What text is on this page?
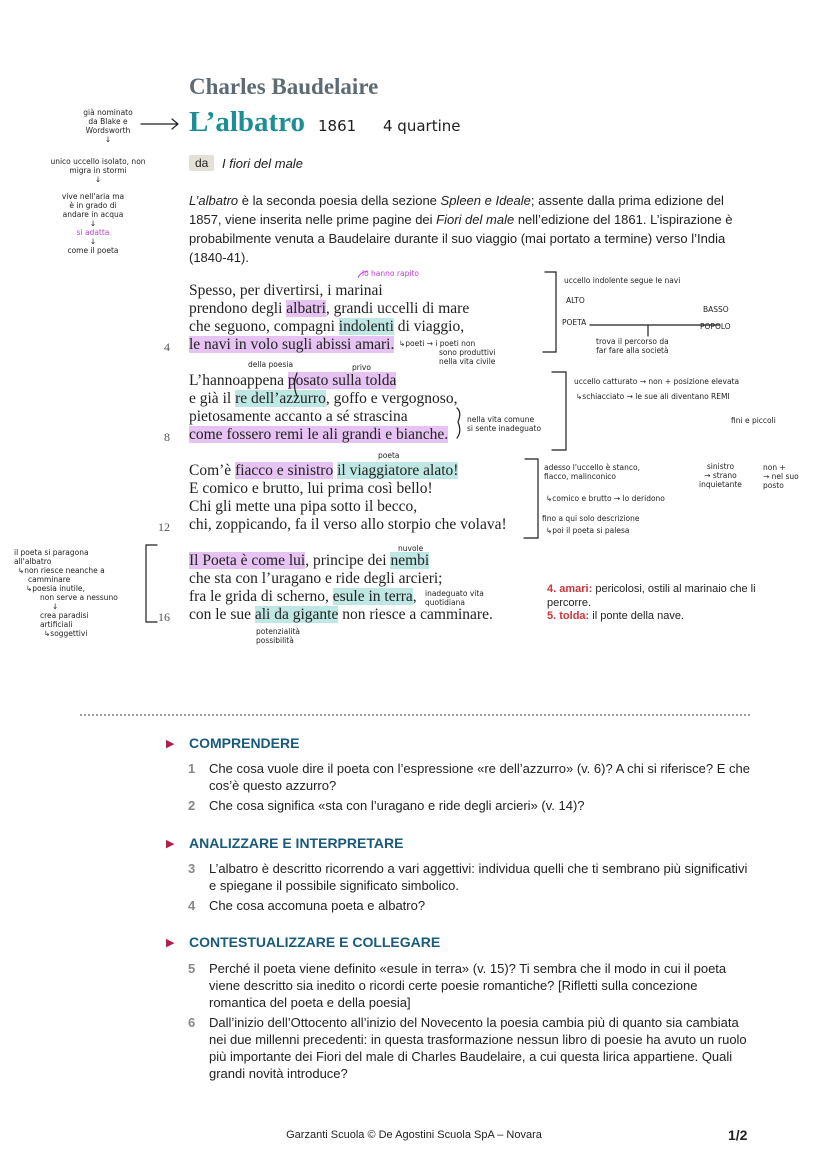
Charles Baudelaire
L’albatro 1861 4 quartine
da	I fiori del male
già nominato
da Blake e
Wordsworth
↓
unico uccello isolato, non
migra in stormi
↓
vive nell'aria ma
è in grado di
andare in acqua
↓
si adatta
↓
come il poeta
il poeta si paragona
all'albatro
↳non riesce neanche a
camminare
↳poesia inutile,
non serve a nessuno
↓
crea paradisi
artificiali
↳soggettivi
L’albatro è la seconda poesia della sezione Spleen e Ideale; assente dalla prima edizione del 1857, viene inserita nelle prime pagine dei Fiori del male nell’edizione del 1861. L’ispirazione è probabilmente venuta a Baudelaire durante il suo viaggio (mai portato a termine) verso l’India (1840-41).
Spesso, per divertirsi, i marinai
prendono degli albatri, grandi uccelli di mare
che seguono, compagni indolenti di viaggio,
le navi in volo sugli abissi amari.
4
L’hannoappena posato sulla tolda
e già il re dell’azzurro, goffo e vergognoso,
pietosamente accanto a sé strascina
come fossero remi le ali grandi e bianche.
8
Com’è fiacco e sinistro il viaggiatore alato!
E comico e brutto, lui prima così bello!
Chi gli mette una pipa sotto il becco,
chi, zoppicando, fa il verso allo storpio che volava!
12
Il Poeta è come lui, principe dei nembi
che sta con l’uragano e ride degli arcieri;
fra le grida di scherno, esule in terra,
con le sue ali da gigante non riesce a camminare.
16
lo hanno rapito
↳poeti → i poeti non
sono produttivi
nella vita civile
della poesia	privo
nella vita comune
si sente inadeguato
poeta
nuvole
inadeguato vita
quotidiana
potenzialità
possibilità
uccello indolente segue le navi
ALTO
BASSO
POETA	POPOLO
trova il percorso da
far fare alla società
uccello catturato → non + posizione elevata
↳schiacciato → le sue ali diventano REMI
fini e piccoli
adesso l'uccello è stanco,
fiacco, malinconico
sinistro
→ strano
inquietante
non +
→ nel suo
posto
↳comico e brutto → lo deridono
fino a qui solo descrizione
↳poi il poeta si palesa
4. amari: pericolosi, ostili al marinaio che li percorre.
5. tolda: il ponte della nave.
▶ COMPRENDERE
1	Che cosa vuole dire il poeta con l’espressione «re dell’azzurro» (v. 6)? A chi si riferisce? E che cos’è questo azzurro?
2	Che cosa significa «sta con l’uragano e ride degli arcieri» (v. 14)?
▶ ANALIZZARE E INTERPRETARE
3	L’albatro è descritto ricorrendo a vari aggettivi: individua quelli che ti sembrano più significativi e spiegane il possibile significato simbolico.
4	Che cosa accomuna poeta e albatro?
▶ CONTESTUALIZZARE E COLLEGARE
5	Perché il poeta viene definito «esule in terra» (v. 15)? Ti sembra che il modo in cui il poeta viene descritto sia inedito o ricordi certe poesie romantiche? [Rifletti sulla concezione romantica del poeta e della poesia]
6	Dall’inizio dell’Ottocento all’inizio del Novecento la poesia cambia più di quanto sia cambiata nei due millenni precedenti: in questa trasformazione nessun libro di poesie ha avuto un ruolo più importante dei Fiori del male di Charles Baudelaire, a cui questa lirica appartiene. Quali grandi novità introduce?
Garzanti Scuola © De Agostini Scuola SpA – Novara	1/2
